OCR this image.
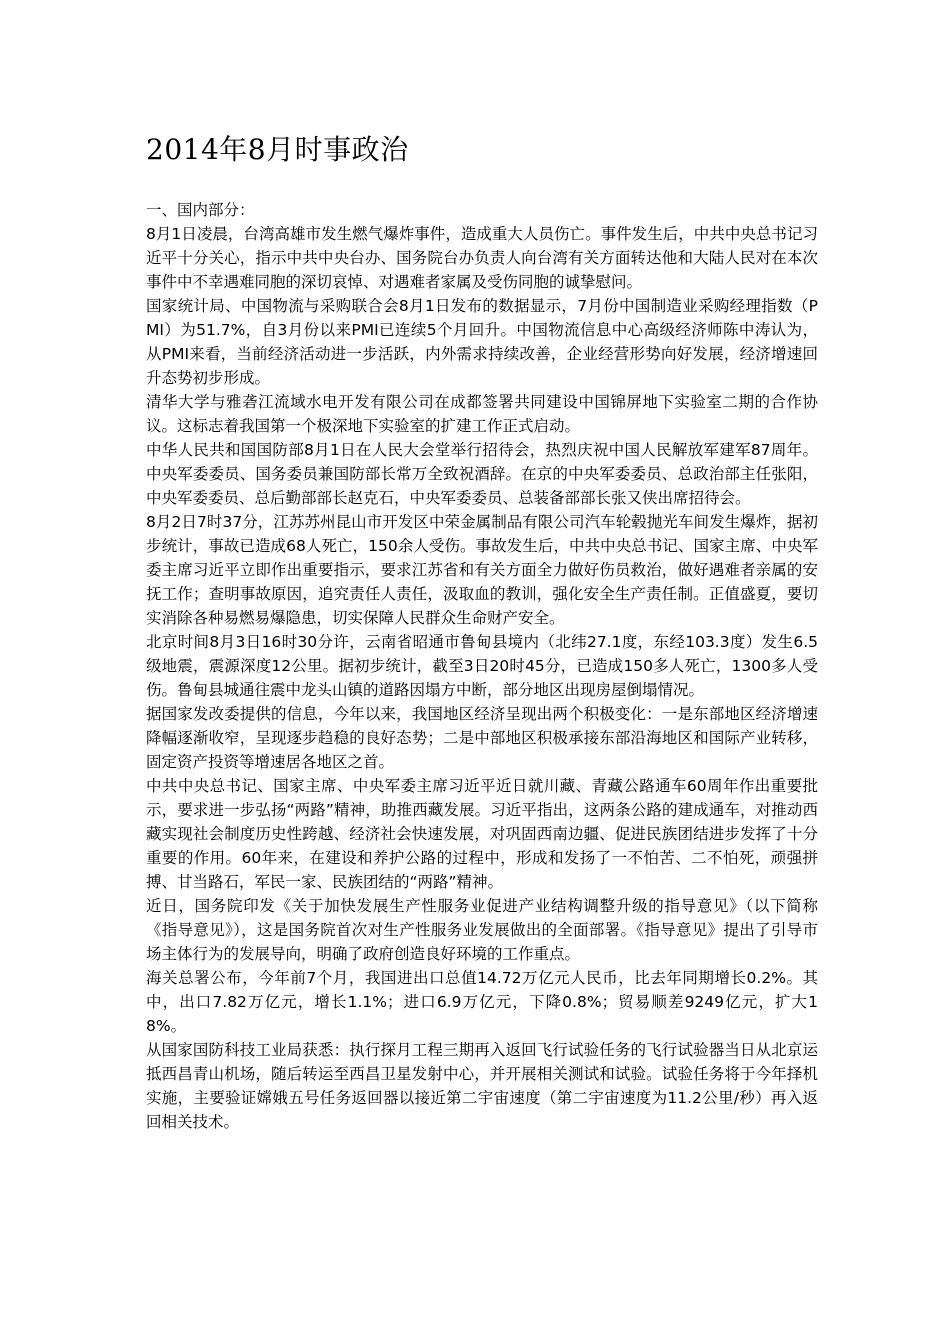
2014年8月时事政治

一、国内部分：

8月1日凌晨，台湾高雄市发生燃气爆炸事件，造成重大人员伤亡。事件发生后，中共中央总书记习近平十分关心，指示中共中央台办、国务院台办负责人向台湾有关方面转达他和大陆人民对在本次事件中不幸遇难同胞的深切哀悼、对遇难者家属及受伤同胞的诚挚慰问。

国家统计局、中国物流与采购联合会8月1日发布的数据显示，7月份中国制造业采购经理指数（PMI）为51.7%，自3月份以来PMI已连续5个月回升。中国物流信息中心高级经济师陈中涛认为，从PMI来看，当前经济活动进一步活跃，内外需求持续改善，企业经营形势向好发展，经济增速回升态势初步形成。

清华大学与雅砻江流域水电开发有限公司在成都签署共同建设中国锦屏地下实验室二期的合作协议。这标志着我国第一个极深地下实验室的扩建工作正式启动。

中华人民共和国国防部8月1日在人民大会堂举行招待会，热烈庆祝中国人民解放军建军87周年。中央军委委员、国务委员兼国防部长常万全致祝酒辞。在京的中央军委委员、总政治部主任张阳，中央军委委员、总后勤部部长赵克石，中央军委委员、总装备部部长张又侠出席招待会。

8月2日7时37分，江苏苏州昆山市开发区中荣金属制品有限公司汽车轮毂抛光车间发生爆炸，据初步统计，事故已造成68人死亡，150余人受伤。事故发生后，中共中央总书记、国家主席、中央军委主席习近平立即作出重要指示，要求江苏省和有关方面全力做好伤员救治，做好遇难者亲属的安抚工作；查明事故原因，追究责任人责任，汲取血的教训，强化安全生产责任制。正值盛夏，要切实消除各种易燃易爆隐患，切实保障人民群众生命财产安全。

北京时间8月3日16时30分许，云南省昭通市鲁甸县境内（北纬27.1度，东经103.3度）发生6.5级地震，震源深度12公里。据初步统计，截至3日20时45分，已造成150多人死亡，1300多人受伤。鲁甸县城通往震中龙头山镇的道路因塌方中断，部分地区出现房屋倒塌情况。

据国家发改委提供的信息，今年以来，我国地区经济呈现出两个积极变化：一是东部地区经济增速降幅逐渐收窄，呈现逐步趋稳的良好态势；二是中部地区积极承接东部沿海地区和国际产业转移，固定资产投资等增速居各地区之首。

中共中央总书记、国家主席、中央军委主席习近平近日就川藏、青藏公路通车60周年作出重要批示，要求进一步弘扬“两路”精神，助推西藏发展。习近平指出，这两条公路的建成通车，对推动西藏实现社会制度历史性跨越、经济社会快速发展，对巩固西南边疆、促进民族团结进步发挥了十分重要的作用。60年来，在建设和养护公路的过程中，形成和发扬了一不怕苦、二不怕死，顽强拼搏、甘当路石，军民一家、民族团结的“两路”精神。

近日，国务院印发《关于加快发展生产性服务业促进产业结构调整升级的指导意见》（以下简称《指导意见》），这是国务院首次对生产性服务业发展做出的全面部署。《指导意见》提出了引导市场主体行为的发展导向，明确了政府创造良好环境的工作重点。

海关总署公布，今年前7个月，我国进出口总值14.72万亿元人民币，比去年同期增长0.2%。其中，出口7.82万亿元，增长1.1%；进口6.9万亿元，下降0.8%；贸易顺差9249亿元，扩大18%。

从国家国防科技工业局获悉：执行探月工程三期再入返回飞行试验任务的飞行试验器当日从北京运抵西昌青山机场，随后转运至西昌卫星发射中心，并开展相关测试和试验。试验任务将于今年择机实施，主要验证嫦娥五号任务返回器以接近第二宇宙速度（第二宇宙速度为11.2公里/秒）再入返回相关技术。
